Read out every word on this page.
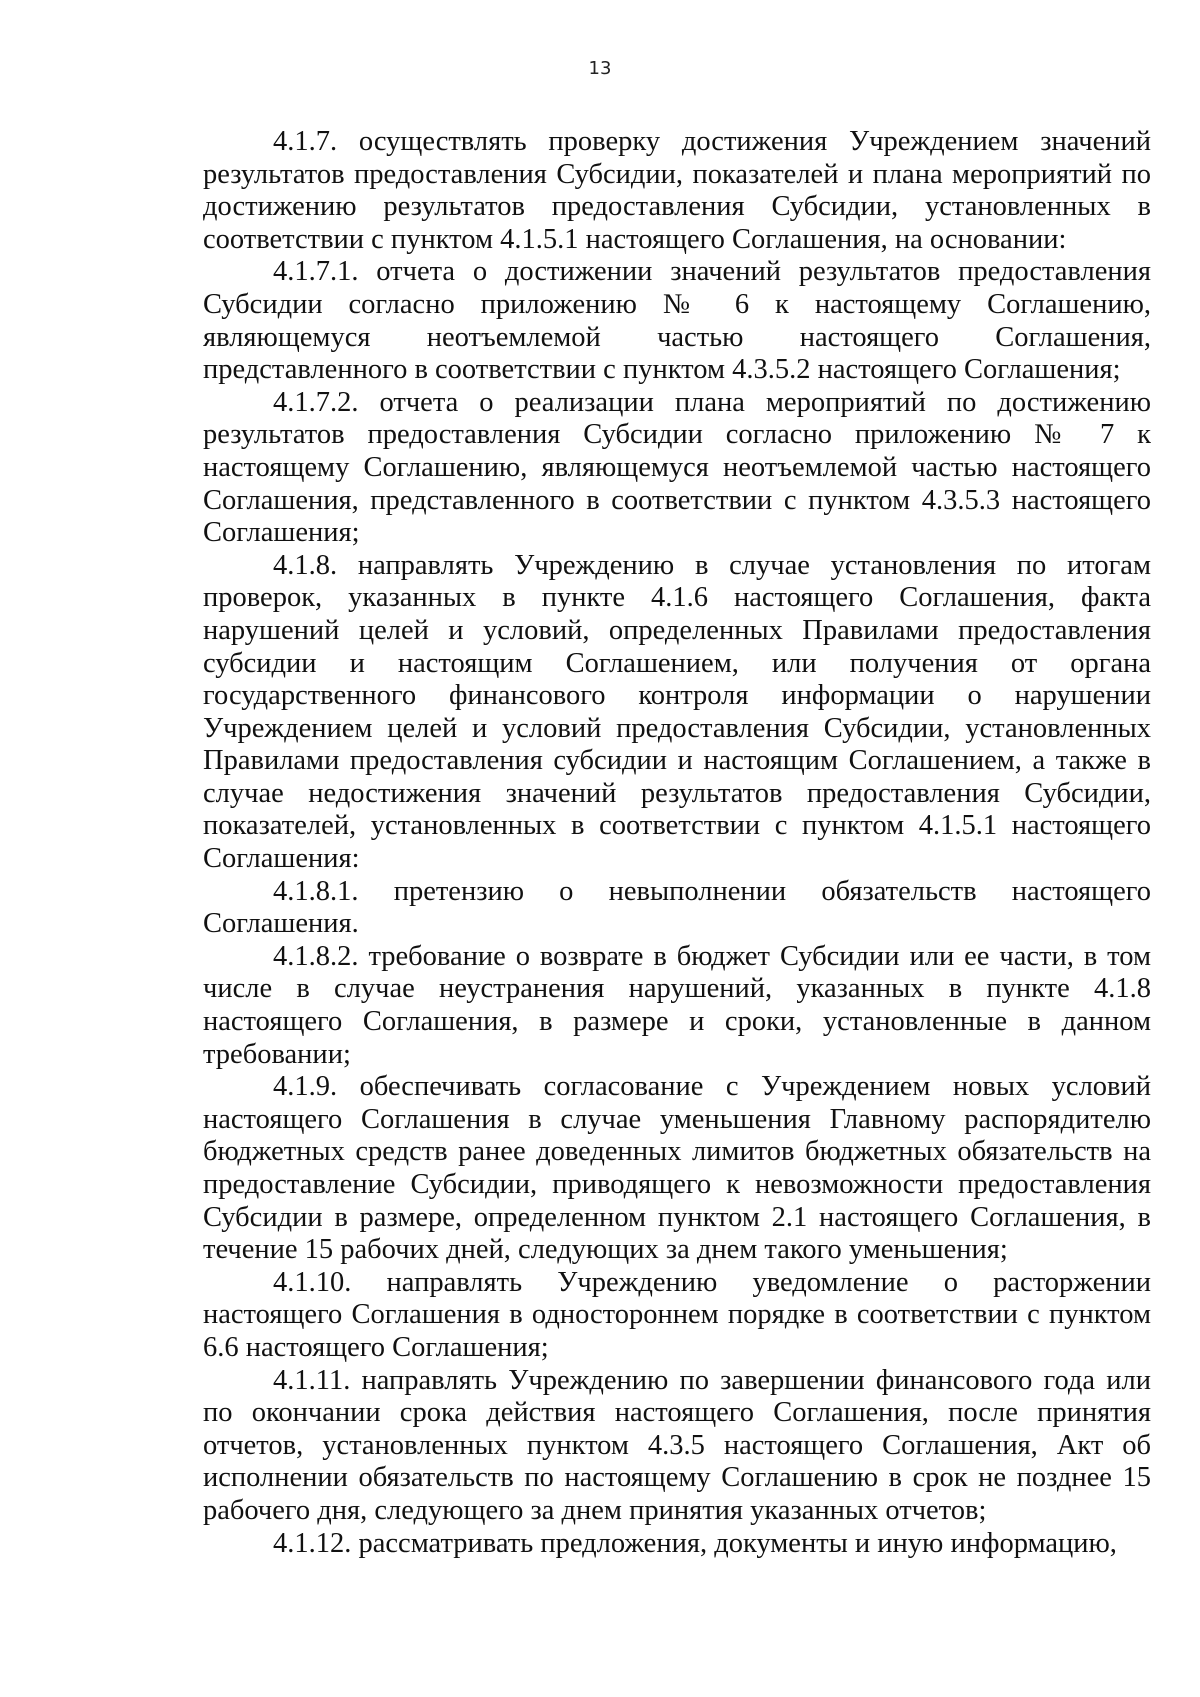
13

4.1.7. осуществлять проверку достижения Учреждением значений результатов предоставления Субсидии, показателей и плана мероприятий по достижению результатов предоставления Субсидии, установленных в соответствии с пунктом 4.1.5.1 настоящего Соглашения, на основании:

4.1.7.1. отчета о достижении значений результатов предоставления Субсидии согласно приложению № 6 к настоящему Соглашению, являющемуся неотъемлемой частью настоящего Соглашения, представленного в соответствии с пунктом 4.3.5.2 настоящего Соглашения;

4.1.7.2. отчета о реализации плана мероприятий по достижению результатов предоставления Субсидии согласно приложению № 7 к настоящему Соглашению, являющемуся неотъемлемой частью настоящего Соглашения, представленного в соответствии с пунктом 4.3.5.3 настоящего Соглашения;

4.1.8. направлять Учреждению в случае установления по итогам проверок, указанных в пункте 4.1.6 настоящего Соглашения, факта нарушений целей и условий, определенных Правилами предоставления субсидии и настоящим Соглашением, или получения от органа государственного финансового контроля информации о нарушении Учреждением целей и условий предоставления Субсидии, установленных Правилами предоставления субсидии и настоящим Соглашением, а также в случае недостижения значений результатов предоставления Субсидии, показателей, установленных в соответствии с пунктом 4.1.5.1 настоящего Соглашения:

4.1.8.1. претензию о невыполнении обязательств настоящего Соглашения.

4.1.8.2. требование о возврате в бюджет Субсидии или ее части, в том числе в случае неустранения нарушений, указанных в пункте 4.1.8 настоящего Соглашения, в размере и сроки, установленные в данном требовании;

4.1.9. обеспечивать согласование с Учреждением новых условий настоящего Соглашения в случае уменьшения Главному распорядителю бюджетных средств ранее доведенных лимитов бюджетных обязательств на предоставление Субсидии, приводящего к невозможности предоставления Субсидии в размере, определенном пунктом 2.1 настоящего Соглашения, в течение 15 рабочих дней, следующих за днем такого уменьшения;

4.1.10. направлять Учреждению уведомление о расторжении настоящего Соглашения в одностороннем порядке в соответствии с пунктом 6.6 настоящего Соглашения;

4.1.11. направлять Учреждению по завершении финансового года или по окончании срока действия настоящего Соглашения, после принятия отчетов, установленных пунктом 4.3.5 настоящего Соглашения, Акт об исполнении обязательств по настоящему Соглашению в срок не позднее 15 рабочего дня, следующего за днем принятия указанных отчетов;

4.1.12. рассматривать предложения, документы и иную информацию,
